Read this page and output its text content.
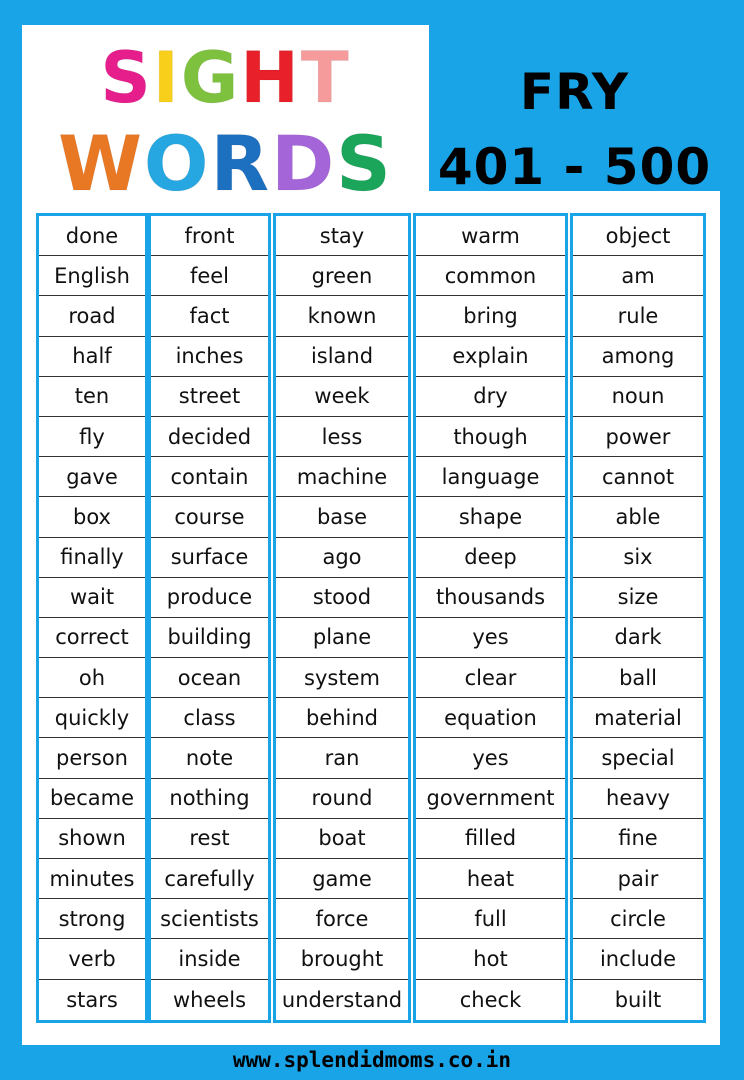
SIGHT
WORDS
FRY
401 - 500
done
English
road
half
ten
fly
gave
box
finally
wait
correct
oh
quickly
person
became
shown
minutes
strong
verb
stars
front
feel
fact
inches
street
decided
contain
course
surface
produce
building
ocean
class
note
nothing
rest
carefully
scientists
inside
wheels
stay
green
known
island
week
less
machine
base
ago
stood
plane
system
behind
ran
round
boat
game
force
brought
understand
warm
common
bring
explain
dry
though
language
shape
deep
thousands
yes
clear
equation
yes
government
filled
heat
full
hot
check
object
am
rule
among
noun
power
cannot
able
six
size
dark
ball
material
special
heavy
fine
pair
circle
include
built
www.splendidmoms.co.in
